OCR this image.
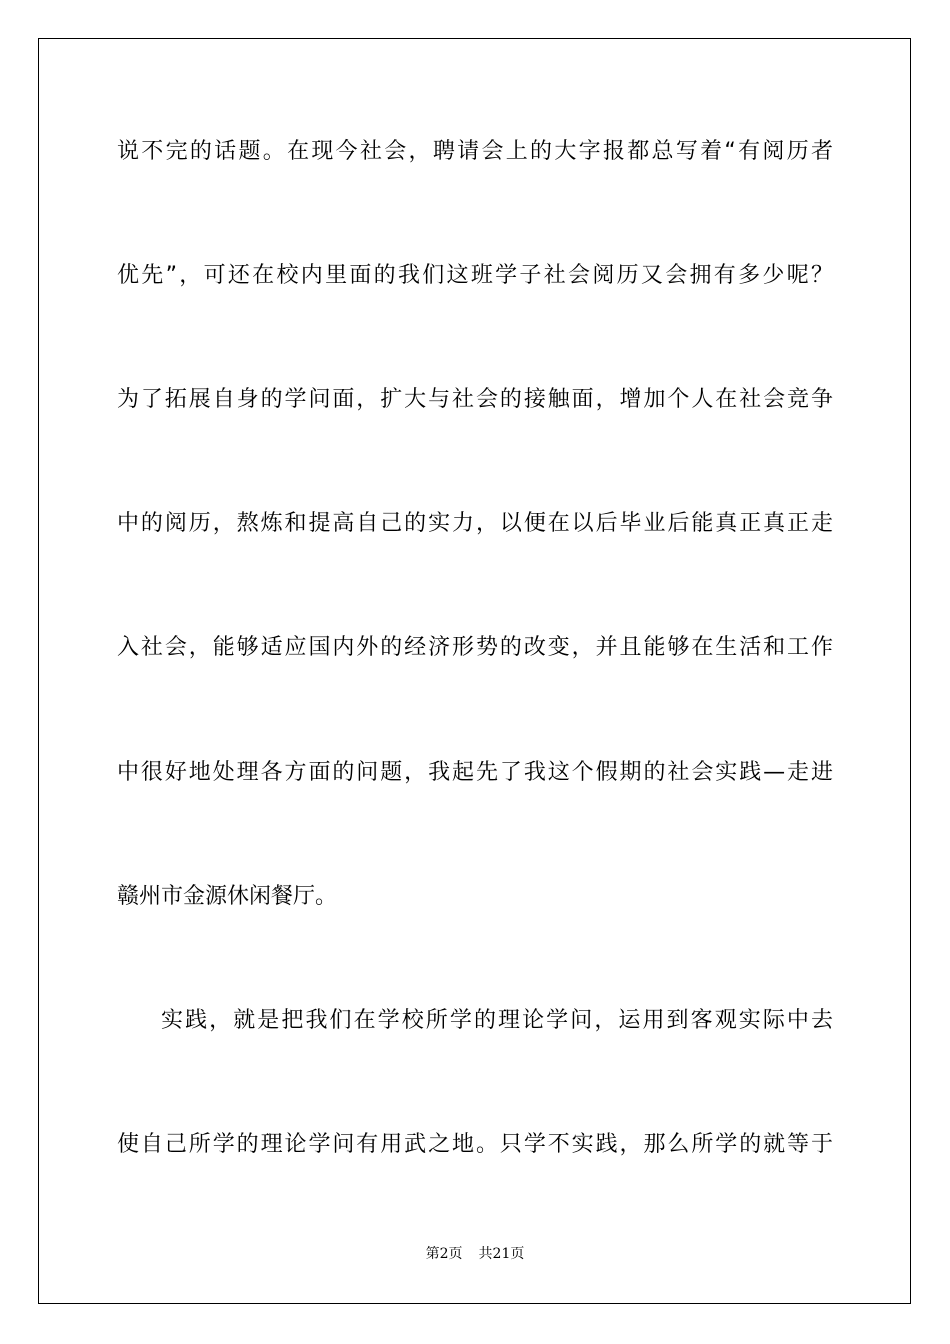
说不完的话题。在现今社会，聘请会上的大字报都总写着“有阅历者
优先”，可还在校内里面的我们这班学子社会阅历又会拥有多少呢？
为了拓展自身的学问面，扩大与社会的接触面，增加个人在社会竞争
中的阅历，熬炼和提高自己的实力，以便在以后毕业后能真正真正走
入社会，能够适应国内外的经济形势的改变，并且能够在生活和工作
中很好地处理各方面的问题，我起先了我这个假期的社会实践—走进
赣州市金源休闲餐厅。
实践，就是把我们在学校所学的理论学问，运用到客观实际中去
使自己所学的理论学问有用武之地。只学不实践，那么所学的就等于
第2页 共21页
